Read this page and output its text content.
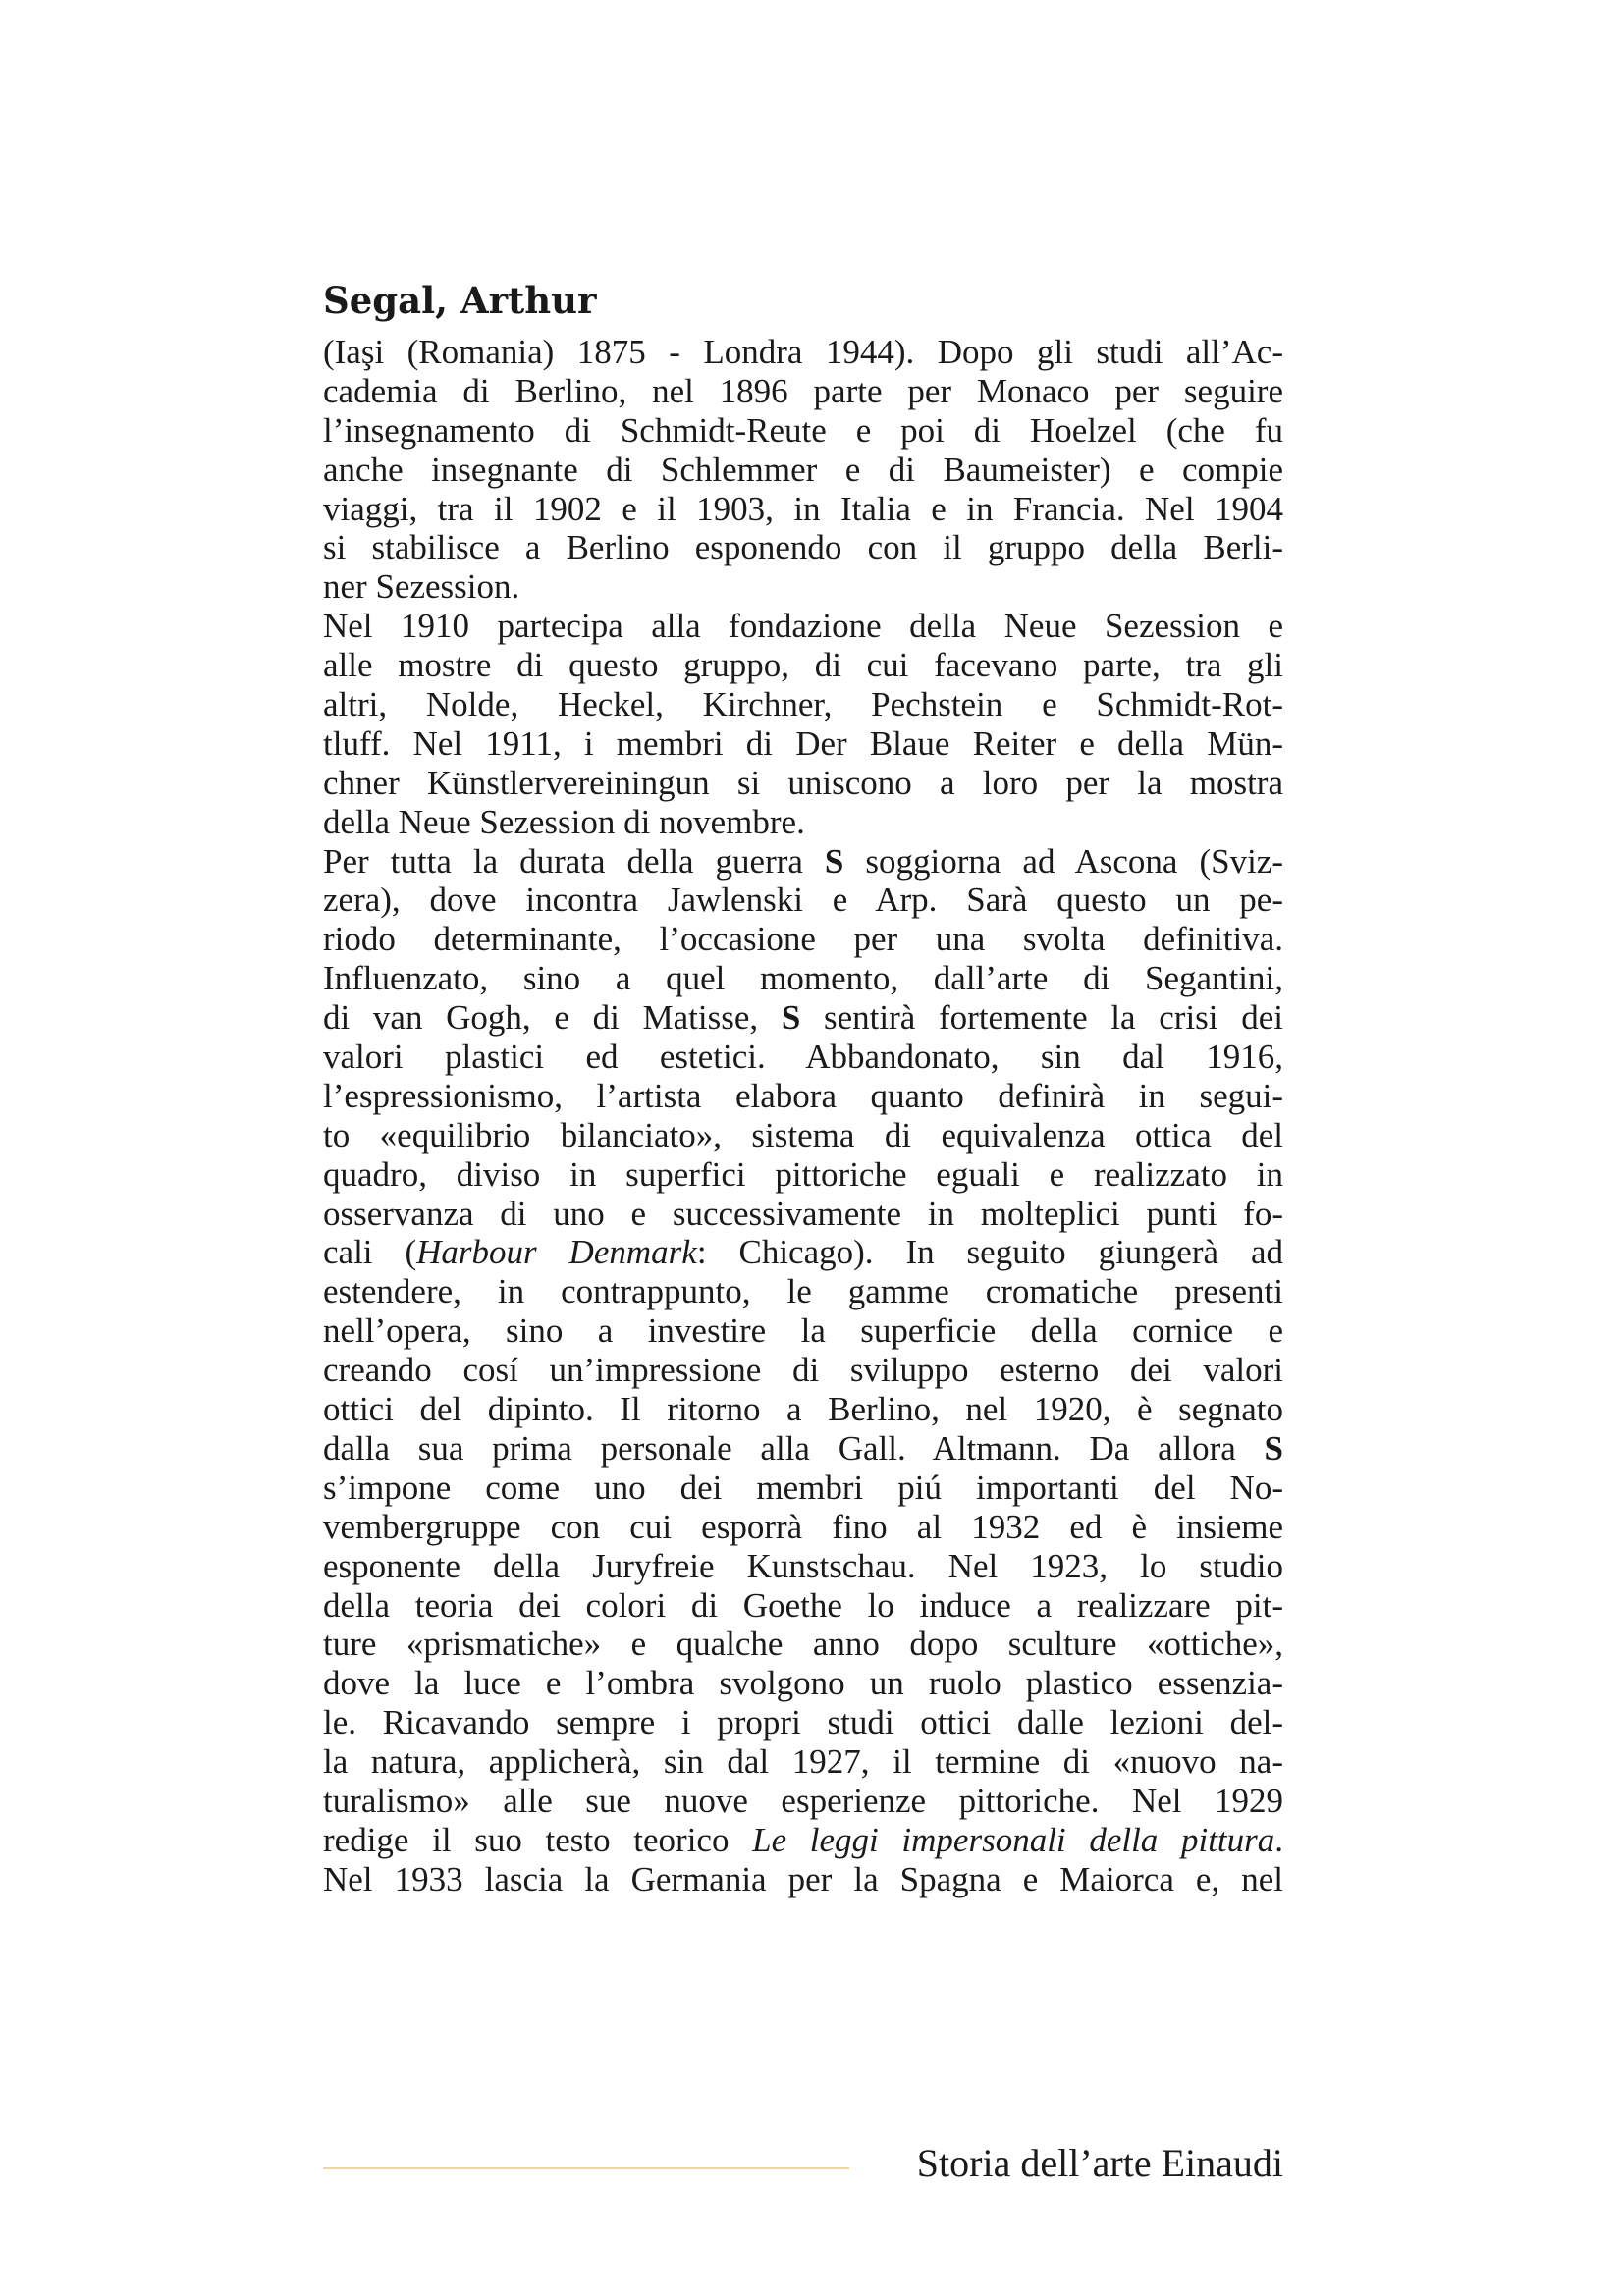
Segal, Arthur
(Iaşi (Romania) 1875 - Londra 1944). Dopo gli studi all’Ac-
cademia di Berlino, nel 1896 parte per Monaco per seguire
l’insegnamento di Schmidt-Reute e poi di Hoelzel (che fu
anche insegnante di Schlemmer e di Baumeister) e compie
viaggi, tra il 1902 e il 1903, in Italia e in Francia. Nel 1904
si stabilisce a Berlino esponendo con il gruppo della Berli-
ner Sezession.
Nel 1910 partecipa alla fondazione della Neue Sezession e
alle mostre di questo gruppo, di cui facevano parte, tra gli
altri, Nolde, Heckel, Kirchner, Pechstein e Schmidt-Rot-
tluff. Nel 1911, i membri di Der Blaue Reiter e della Mün-
chner Künstlervereiningun si uniscono a loro per la mostra
della Neue Sezession di novembre.
Per tutta la durata della guerra S soggiorna ad Ascona (Sviz-
zera), dove incontra Jawlenski e Arp. Sarà questo un pe-
riodo determinante, l’occasione per una svolta definitiva.
Influenzato, sino a quel momento, dall’arte di Segantini,
di van Gogh, e di Matisse, S sentirà fortemente la crisi dei
valori plastici ed estetici. Abbandonato, sin dal 1916,
l’espressionismo, l’artista elabora quanto definirà in segui-
to «equilibrio bilanciato», sistema di equivalenza ottica del
quadro, diviso in superfici pittoriche eguali e realizzato in
osservanza di uno e successivamente in molteplici punti fo-
cali (Harbour Denmark: Chicago). In seguito giungerà ad
estendere, in contrappunto, le gamme cromatiche presenti
nell’opera, sino a investire la superficie della cornice e
creando cosí un’impressione di sviluppo esterno dei valori
ottici del dipinto. Il ritorno a Berlino, nel 1920, è segnato
dalla sua prima personale alla Gall. Altmann. Da allora S
s’impone come uno dei membri piú importanti del No-
vembergruppe con cui esporrà fino al 1932 ed è insieme
esponente della Juryfreie Kunstschau. Nel 1923, lo studio
della teoria dei colori di Goethe lo induce a realizzare pit-
ture «prismatiche» e qualche anno dopo sculture «ottiche»,
dove la luce e l’ombra svolgono un ruolo plastico essenzia-
le. Ricavando sempre i propri studi ottici dalle lezioni del-
la natura, applicherà, sin dal 1927, il termine di «nuovo na-
turalismo» alle sue nuove esperienze pittoriche. Nel 1929
redige il suo testo teorico Le leggi impersonali della pittura.
Nel 1933 lascia la Germania per la Spagna e Maiorca e, nel
Storia dell’arte Einaudi
